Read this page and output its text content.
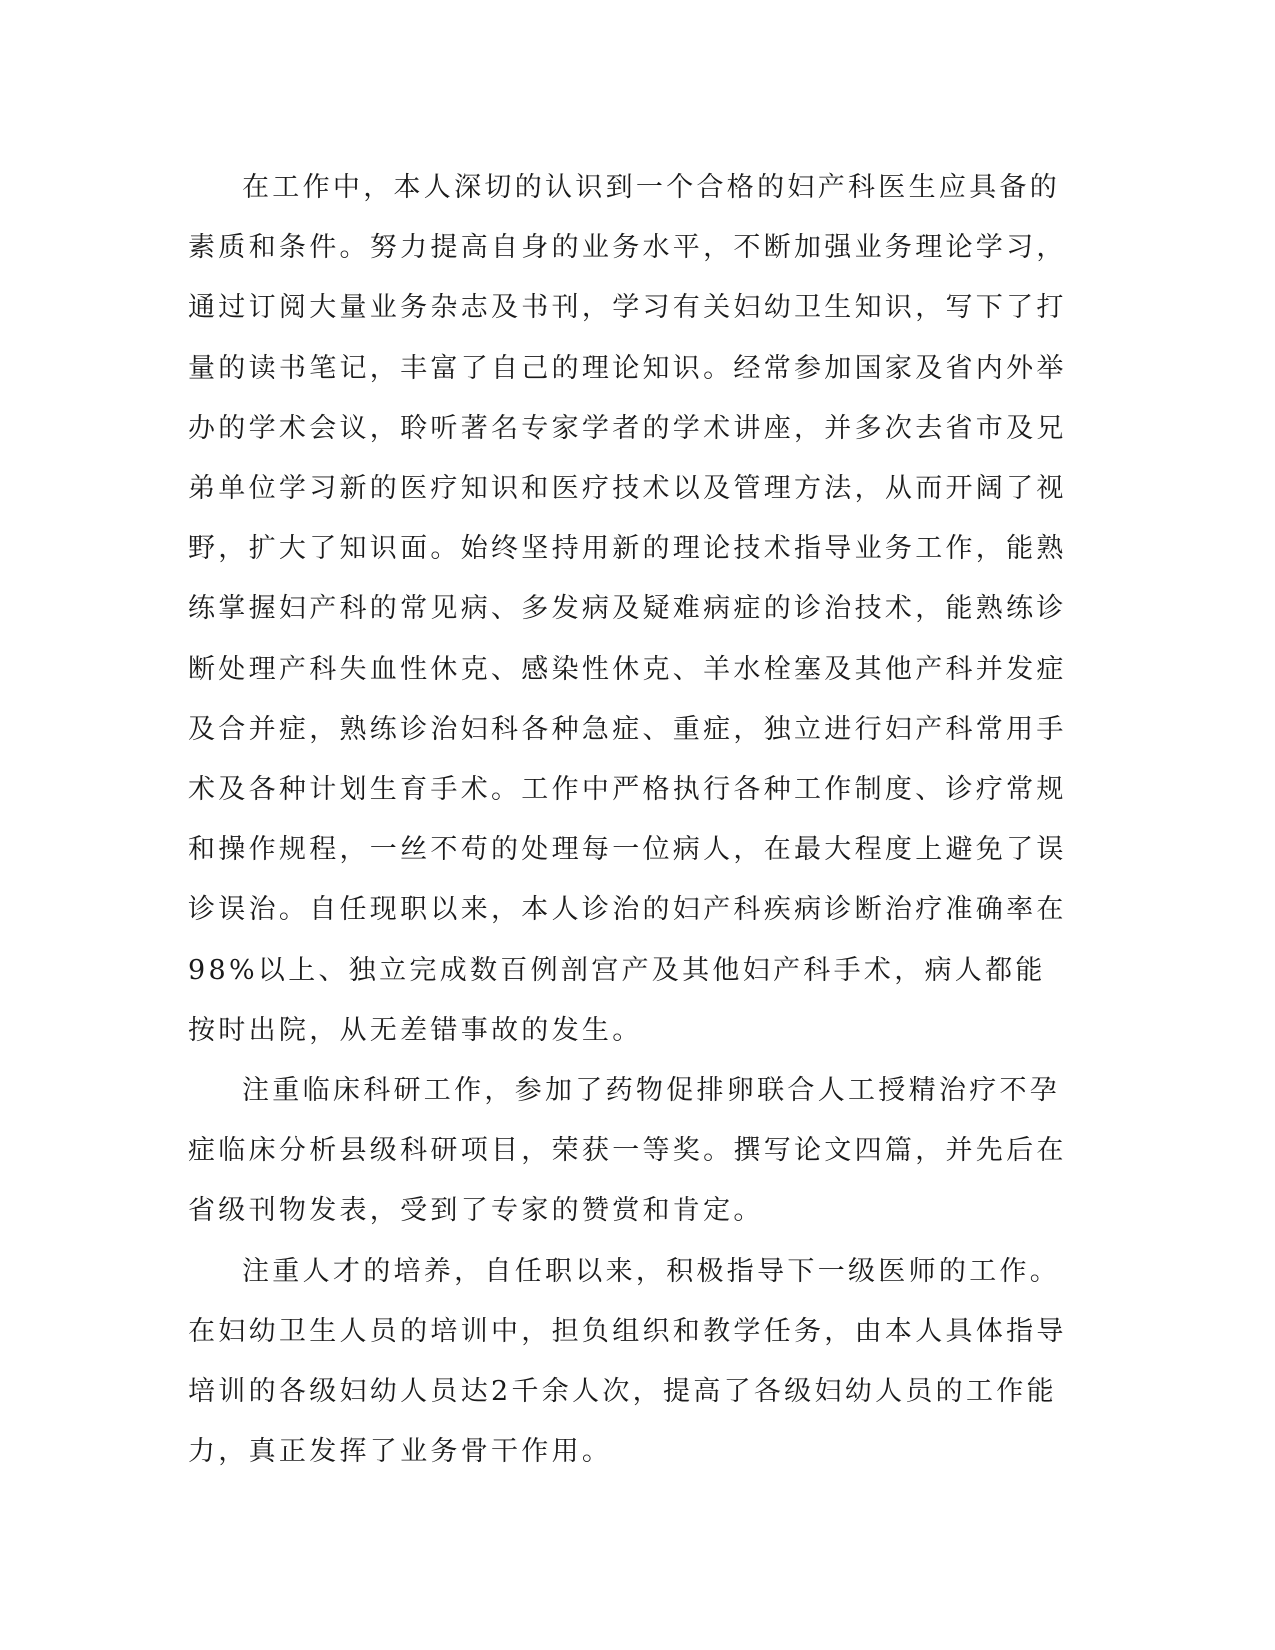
在工作中，本人深切的认识到一个合格的妇产科医生应具备的素质和条件。努力提高自身的业务水平，不断加强业务理论学习，通过订阅大量业务杂志及书刊，学习有关妇幼卫生知识，写下了打量的读书笔记，丰富了自己的理论知识。经常参加国家及省内外举办的学术会议，聆听著名专家学者的学术讲座，并多次去省市及兄弟单位学习新的医疗知识和医疗技术以及管理方法，从而开阔了视野，扩大了知识面。始终坚持用新的理论技术指导业务工作，能熟练掌握妇产科的常见病、多发病及疑难病症的诊治技术，能熟练诊断处理产科失血性休克、感染性休克、羊水栓塞及其他产科并发症及合并症，熟练诊治妇科各种急症、重症，独立进行妇产科常用手术及各种计划生育手术。工作中严格执行各种工作制度、诊疗常规和操作规程，一丝不苟的处理每一位病人，在最大程度上避免了误诊误治。自任现职以来，本人诊治的妇产科疾病诊断治疗准确率在98%以上、独立完成数百例剖宫产及其他妇产科手术，病人都能按时出院，从无差错事故的发生。

注重临床科研工作，参加了药物促排卵联合人工授精治疗不孕症临床分析县级科研项目，荣获一等奖。撰写论文四篇，并先后在省级刊物发表，受到了专家的赞赏和肯定。

注重人才的培养，自任职以来，积极指导下一级医师的工作。在妇幼卫生人员的培训中，担负组织和教学任务，由本人具体指导培训的各级妇幼人员达2千余人次，提高了各级妇幼人员的工作能力，真正发挥了业务骨干作用。
